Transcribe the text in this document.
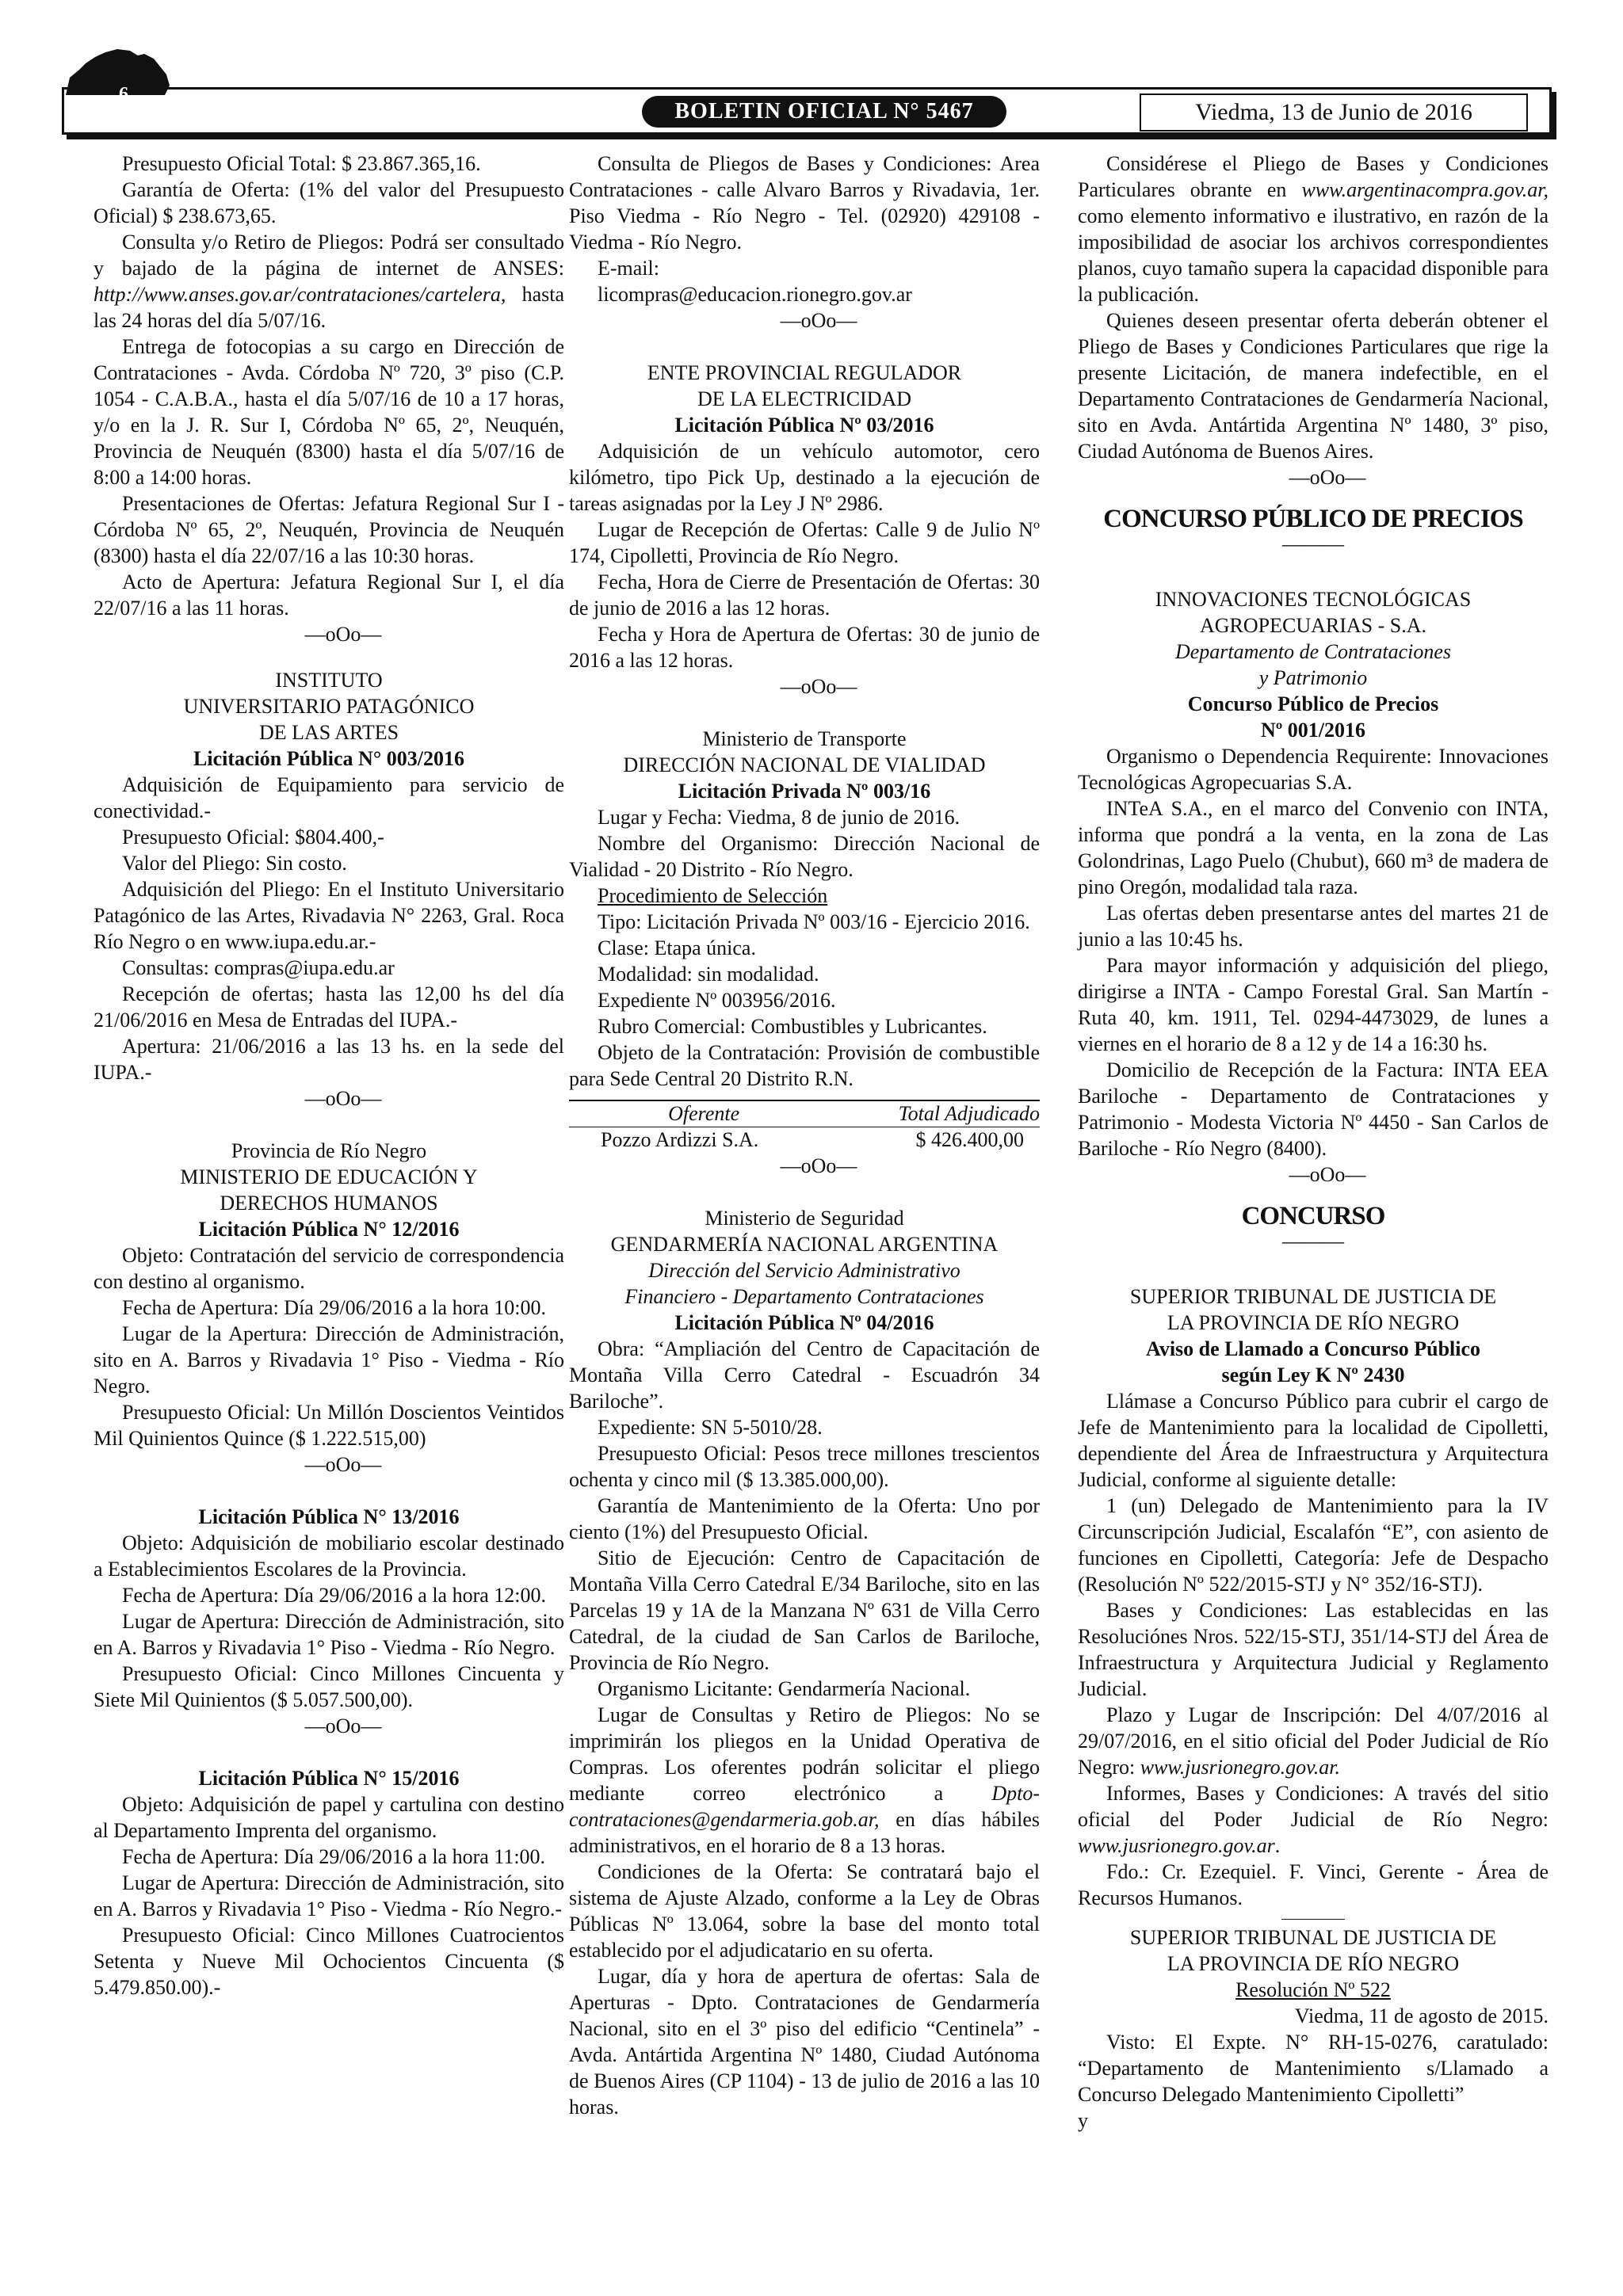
6
BOLETIN OFICIAL N° 5467	Viedma, 13 de Junio de 2016

Presupuesto Oficial Total: $ 23.867.365,16.

Garantía de Oferta: (1% del valor del Presupuesto Oficial) $ 238.673,65.

Consulta y/o Retiro de Pliegos: Podrá ser consultado y bajado de la página de internet de ANSES: http://www.anses.gov.ar/contrataciones/cartelera, hasta las 24 horas del día 5/07/16.

Entrega de fotocopias a su cargo en Dirección de Contrataciones - Avda. Córdoba Nº 720, 3º piso (C.P. 1054 - C.A.B.A., hasta el día 5/07/16 de 10 a 17 horas, y/o en la J. R. Sur I, Córdoba Nº 65, 2º, Neuquén, Provincia de Neuquén (8300) hasta el día 5/07/16 de 8:00 a 14:00 horas.

Presentaciones de Ofertas: Jefatura Regional Sur I - Córdoba Nº 65, 2º, Neuquén, Provincia de Neuquén (8300) hasta el día 22/07/16 a las 10:30 horas.

Acto de Apertura: Jefatura Regional Sur I, el día 22/07/16 a las 11 horas.

—oOo—

INSTITUTO

UNIVERSITARIO PATAGÓNICO

DE LAS ARTES

Licitación Pública N° 003/2016

Adquisición de Equipamiento para servicio de conectividad.-

Presupuesto Oficial: $804.400,-

Valor del Pliego: Sin costo.

Adquisición del Pliego: En el Instituto Universitario Patagónico de las Artes, Rivadavia N° 2263, Gral. Roca Río Negro o en www.iupa.edu.ar.-

Consultas: compras@iupa.edu.ar

Recepción de ofertas; hasta las 12,00 hs del día 21/06/2016 en Mesa de Entradas del IUPA.-

Apertura: 21/06/2016 a las 13 hs. en la sede del IUPA.-

—oOo—

Provincia de Río Negro

MINISTERIO DE EDUCACIÓN Y

DERECHOS HUMANOS

Licitación Pública N° 12/2016

Objeto: Contratación del servicio de correspondencia con destino al organismo.

Fecha de Apertura: Día 29/06/2016 a la hora 10:00.

Lugar de la Apertura: Dirección de Administración, sito en A. Barros y Rivadavia 1° Piso - Viedma - Río Negro.

Presupuesto Oficial: Un Millón Doscientos Veintidos Mil Quinientos Quince ($ 1.222.515,00)

—oOo—

Licitación Pública N° 13/2016

Objeto: Adquisición de mobiliario escolar destinado a Establecimientos Escolares de la Provincia.

Fecha de Apertura: Día 29/06/2016 a la hora 12:00.

Lugar de Apertura: Dirección de Administración, sito en A. Barros y Rivadavia 1° Piso - Viedma - Río Negro.

Presupuesto Oficial: Cinco Millones Cincuenta y Siete Mil Quinientos ($ 5.057.500,00).

—oOo—

Licitación Pública N° 15/2016

Objeto: Adquisición de papel y cartulina con destino al Departamento Imprenta del organismo.

Fecha de Apertura: Día 29/06/2016 a la hora 11:00.

Lugar de Apertura: Dirección de Administración, sito en A. Barros y Rivadavia 1° Piso - Viedma - Río Negro.-

Presupuesto Oficial: Cinco Millones Cuatrocientos Setenta y Nueve Mil Ochocientos Cincuenta ($ 5.479.850.00).-

Consulta de Pliegos de Bases y Condiciones: Area Contrataciones - calle Alvaro Barros y Rivadavia, 1er. Piso Viedma - Río Negro - Tel. (02920) 429108 - Viedma - Río Negro.

E-mail:

licompras@educacion.rionegro.gov.ar

—oOo—

ENTE PROVINCIAL REGULADOR

DE LA ELECTRICIDAD

Licitación Pública Nº 03/2016

Adquisición de un vehículo automotor, cero kilómetro, tipo Pick Up, destinado a la ejecución de tareas asignadas por la Ley J Nº 2986.

Lugar de Recepción de Ofertas: Calle 9 de Julio Nº 174, Cipolletti, Provincia de Río Negro.

Fecha, Hora de Cierre de Presentación de Ofertas: 30 de junio de 2016 a las 12 horas.

Fecha y Hora de Apertura de Ofertas: 30 de junio de 2016 a las 12 horas.

—oOo—

Ministerio de Transporte

DIRECCIÓN NACIONAL DE VIALIDAD

Licitación Privada Nº 003/16

Lugar y Fecha: Viedma, 8 de junio de 2016.

Nombre del Organismo: Dirección Nacional de Vialidad - 20 Distrito - Río Negro.

Procedimiento de Selección

Tipo: Licitación Privada Nº 003/16 - Ejercicio 2016.

Clase: Etapa única.

Modalidad: sin modalidad.

Expediente Nº 003956/2016.

Rubro Comercial: Combustibles y Lubricantes.

Objeto de la Contratación: Provisión de combustible para Sede Central 20 Distrito R.N.

Oferente	Total Adjudicado
Pozzo Ardizzi S.A.	$ 426.400,00

—oOo—

Ministerio de Seguridad

GENDARMERÍA NACIONAL ARGENTINA

Dirección del Servicio Administrativo

Financiero - Departamento Contrataciones

Licitación Pública Nº 04/2016

Obra: “Ampliación del Centro de Capacitación de Montaña Villa Cerro Catedral - Escuadrón 34 Bariloche”.

Expediente: SN 5-5010/28.

Presupuesto Oficial: Pesos trece millones trescientos ochenta y cinco mil ($ 13.385.000,00).

Garantía de Mantenimiento de la Oferta: Uno por ciento (1%) del Presupuesto Oficial.

Sitio de Ejecución: Centro de Capacitación de Montaña Villa Cerro Catedral E/34 Bariloche, sito en las Parcelas 19 y 1A de la Manzana Nº 631 de Villa Cerro Catedral, de la ciudad de San Carlos de Bariloche, Provincia de Río Negro.

Organismo Licitante: Gendarmería Nacional.

Lugar de Consultas y Retiro de Pliegos: No se imprimirán los pliegos en la Unidad Operativa de Compras. Los oferentes podrán solicitar el pliego mediante correo electrónico a Dpto-contrataciones@gendarmeria.gob.ar, en días hábiles administrativos, en el horario de 8 a 13 horas.

Condiciones de la Oferta: Se contratará bajo el sistema de Ajuste Alzado, conforme a la Ley de Obras Públicas Nº 13.064, sobre la base del monto total establecido por el adjudicatario en su oferta.

Lugar, día y hora de apertura de ofertas: Sala de Aperturas - Dpto. Contrataciones de Gendarmería Nacional, sito en el 3º piso del edificio “Centinela” - Avda. Antártida Argentina Nº 1480, Ciudad Autónoma de Buenos Aires (CP 1104) - 13 de julio de 2016 a las 10 horas.

Considérese el Pliego de Bases y Condiciones Particulares obrante en www.argentinacompra.gov.ar, como elemento informativo e ilustrativo, en razón de la imposibilidad de asociar los archivos correspondientes planos, cuyo tamaño supera la capacidad disponible para la publicación.

Quienes deseen presentar oferta deberán obtener el Pliego de Bases y Condiciones Particulares que rige la presente Licitación, de manera indefectible, en el Departamento Contrataciones de Gendarmería Nacional, sito en Avda. Antártida Argentina Nº 1480, 3º piso, Ciudad Autónoma de Buenos Aires.

—oOo—

CONCURSO PÚBLICO DE PRECIOS
———

INNOVACIONES TECNOLÓGICAS

AGROPECUARIAS - S.A.

Departamento de Contrataciones

y Patrimonio

Concurso Público de Precios

Nº 001/2016

Organismo o Dependencia Requirente: Innovaciones Tecnológicas Agropecuarias S.A.

INTeA S.A., en el marco del Convenio con INTA, informa que pondrá a la venta, en la zona de Las Golondrinas, Lago Puelo (Chubut), 660 m³ de madera de pino Oregón, modalidad tala raza.

Las ofertas deben presentarse antes del martes 21 de junio a las 10:45 hs.

Para mayor información y adquisición del pliego, dirigirse a INTA - Campo Forestal Gral. San Martín - Ruta 40, km. 1911, Tel. 0294-4473029, de lunes a viernes en el horario de 8 a 12 y de 14 a 16:30 hs.

Domicilio de Recepción de la Factura: INTA EEA Bariloche - Departamento de Contrataciones y Patrimonio - Modesta Victoria Nº 4450 - San Carlos de Bariloche - Río Negro (8400).

—oOo—

CONCURSO
———

SUPERIOR TRIBUNAL DE JUSTICIA DE

LA PROVINCIA DE RÍO NEGRO

Aviso de Llamado a Concurso Público

según Ley K Nº 2430

Llámase a Concurso Público para cubrir el cargo de Jefe de Mantenimiento para la localidad de Cipolletti, dependiente del Área de Infraestructura y Arquitectura Judicial, conforme al siguiente detalle:

1 (un) Delegado de Mantenimiento para la IV Circunscripción Judicial, Escalafón “E”, con asiento de funciones en Cipolletti, Categoría: Jefe de Despacho (Resolución Nº 522/2015-STJ y N° 352/16-STJ).

Bases y Condiciones: Las establecidas en las Resoluciónes Nros. 522/15-STJ, 351/14-STJ del Área de Infraestructura y Arquitectura Judicial y Reglamento Judicial.

Plazo y Lugar de Inscripción: Del 4/07/2016 al 29/07/2016, en el sitio oficial del Poder Judicial de Río Negro: www.jusrionegro.gov.ar.

Informes, Bases y Condiciones: A través del sitio oficial del Poder Judicial de Río Negro: www.jusrionegro.gov.ar.

Fdo.: Cr. Ezequiel. F. Vinci, Gerente - Área de Recursos Humanos.

SUPERIOR TRIBUNAL DE JUSTICIA DE

LA PROVINCIA DE RÍO NEGRO

Resolución Nº 522

Viedma, 11 de agosto de 2015.

Visto: El Expte. N° RH-15-0276, caratulado: “Departamento de Mantenimiento s/Llamado a Concurso Delegado Mantenimiento Cipolletti”

y
